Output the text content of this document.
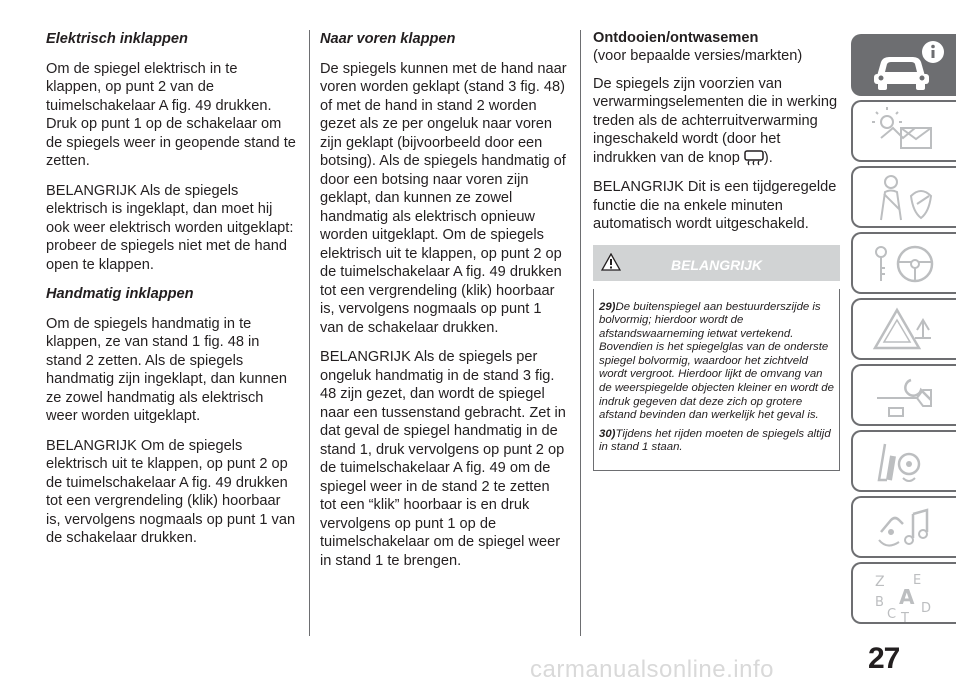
Elektrisch inklappen

Om de spiegel elektrisch in te klappen, op punt 2 van de tuimelschakelaar A fig. 49 drukken. Druk op punt 1 op de schakelaar om de spiegels weer in geopende stand te zetten.

BELANGRIJK Als de spiegels elektrisch is ingeklapt, dan moet hij ook weer elektrisch worden uitgeklapt: probeer de spiegels niet met de hand open te klappen.

Handmatig inklappen

Om de spiegels handmatig in te klappen, ze van stand 1 fig. 48 in stand 2 zetten. Als de spiegels handmatig zijn ingeklapt, dan kunnen ze zowel handmatig als elektrisch weer worden uitgeklapt.

BELANGRIJK Om de spiegels elektrisch uit te klappen, op punt 2 op de tuimelschakelaar A fig. 49 drukken tot een vergrendeling (klik) hoorbaar is, vervolgens nogmaals op punt 1 van de schakelaar drukken.

Naar voren klappen

De spiegels kunnen met de hand naar voren worden geklapt (stand 3 fig. 48) of met de hand in stand 2 worden gezet als ze per ongeluk naar voren zijn geklapt (bijvoorbeeld door een botsing). Als de spiegels handmatig of door een botsing naar voren zijn geklapt, dan kunnen ze zowel handmatig als elektrisch opnieuw worden uitgeklapt. Om de spiegels elektrisch uit te klappen, op punt 2 op de tuimelschakelaar A fig. 49 drukken tot een vergrendeling (klik) hoorbaar is, vervolgens nogmaals op punt 1 van de schakelaar drukken.

BELANGRIJK Als de spiegels per ongeluk handmatig in de stand 3 fig. 48 zijn gezet, dan wordt de spiegel naar een tussenstand gebracht. Zet in dat geval de spiegel handmatig in de stand 1, druk vervolgens op punt 2 op de tuimelschakelaar A fig. 49 om de spiegel weer in de stand 2 te zetten tot een “klik” hoorbaar is en druk vervolgens op punt 1 op de tuimelschakelaar om de spiegel weer in stand 1 te brengen.

Ontdooien/ontwasemen

(voor bepaalde versies/markten)

De spiegels zijn voorzien van verwarmingselementen die in werking treden als de achterruitverwarming ingeschakeld wordt (door het indrukken van de knop ).

BELANGRIJK Dit is een tijdgeregelde functie die na enkele minuten automatisch wordt uitgeschakeld.

BELANGRIJK

29)De buitenspiegel aan bestuurderszijde is bolvormig; hierdoor wordt de afstandswaarneming ietwat vertekend. Bovendien is het spiegelglas van de onderste spiegel bolvormig, waardoor het zichtveld wordt vergroot. Hierdoor lijkt de omvang van de weerspiegelde objecten kleiner en wordt de indruk gegeven dat deze zich op grotere afstand bevinden dan werkelijk het geval is.

30)Tijdens het rijden moeten de spiegels altijd in stand 1 staan.

Z E
B A
C T
D
27
carmanualsonline.info
